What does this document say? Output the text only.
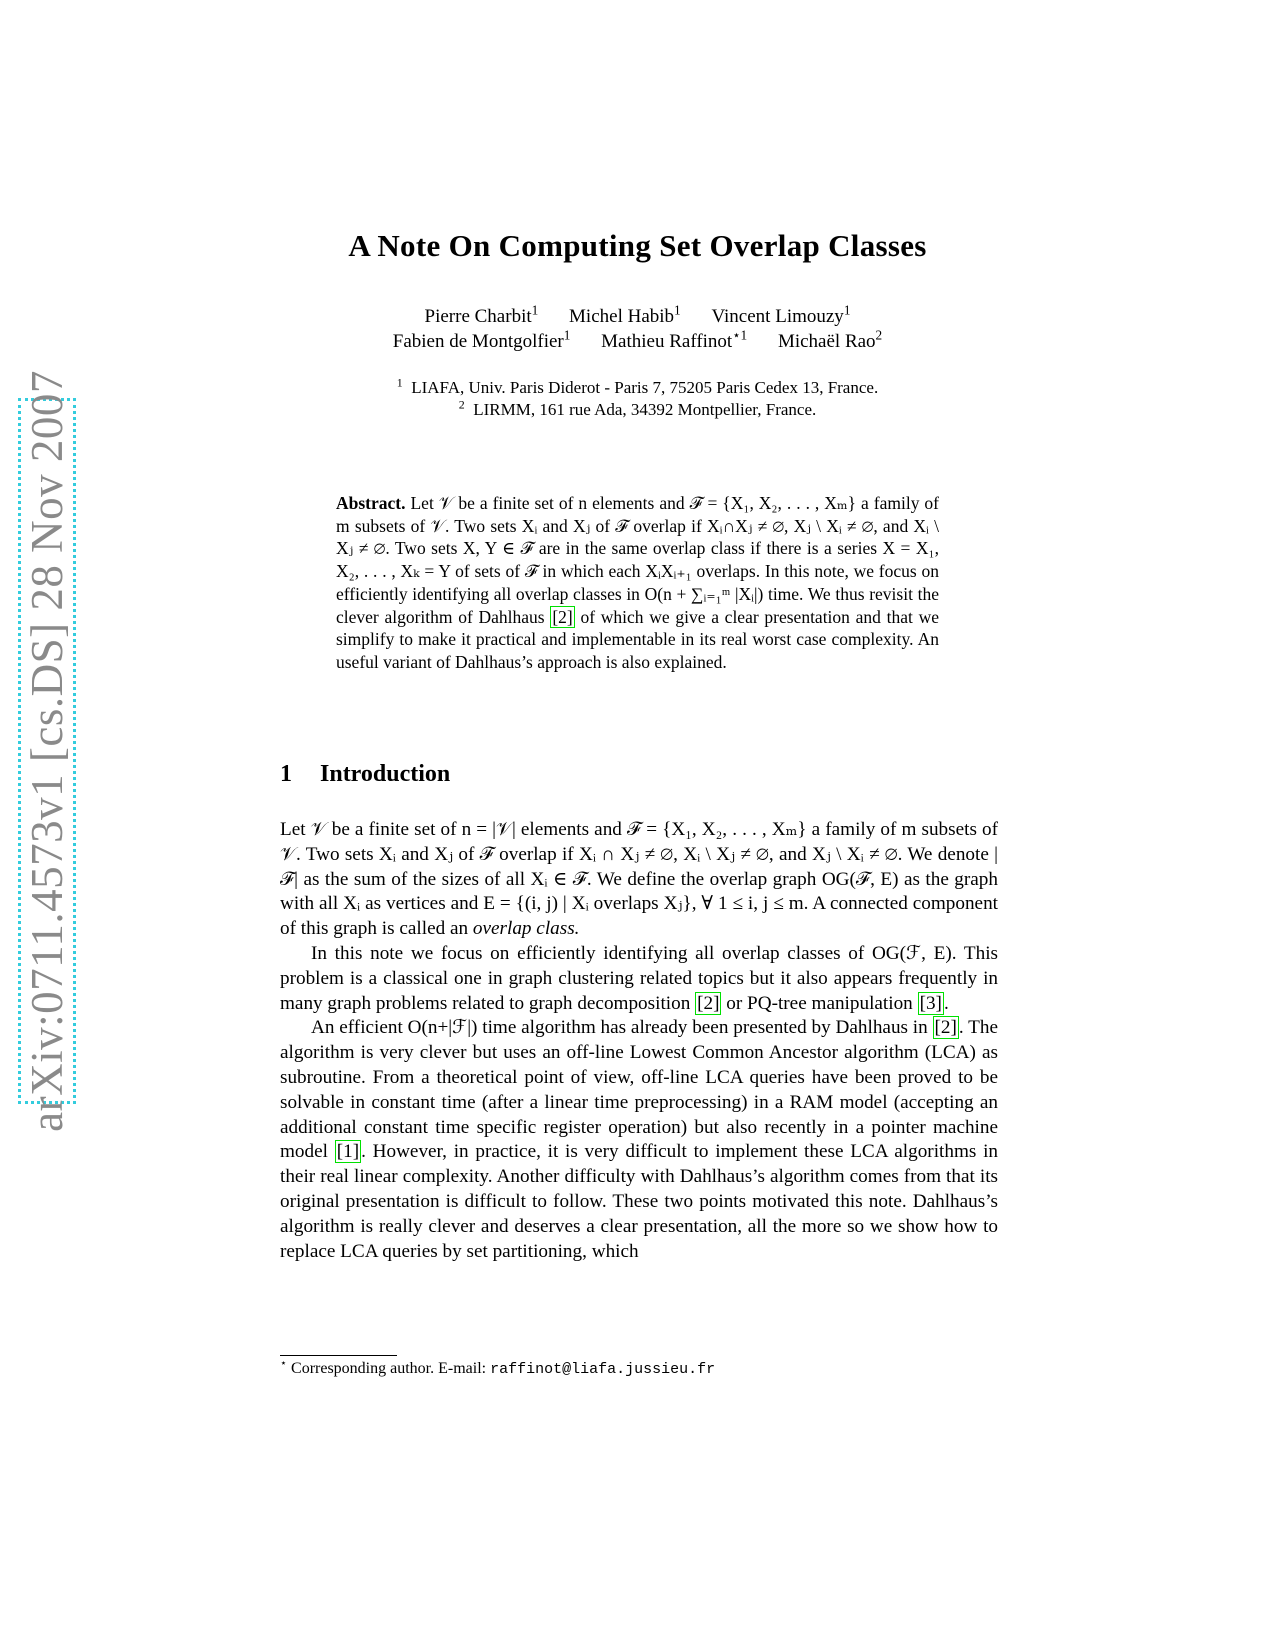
arXiv:0711.4573v1 [cs.DS] 28 Nov 2007
A Note On Computing Set Overlap Classes
Pierre Charbit$^1$ Michel Habib$^1$ Vincent Limouzy$^1$
Fabien de Montgolfier$^1$ Mathieu Raffinot$^{⋆1}$ Michaël Rao$^2$
$^1$ LIAFA, Univ. Paris Diderot - Paris 7, 75205 Paris Cedex 13, France.
$^2$ LIRMM, 161 rue Ada, 34392 Montpellier, France.

Abstract. Let 𝒱 be a finite set of n elements and ℱ = {X₁, X₂, . . . , Xₘ} a family of m subsets of 𝒱. Two sets Xᵢ and Xⱼ of ℱ overlap if Xᵢ∩Xⱼ ≠ ∅, Xⱼ \ Xᵢ ≠ ∅, and Xᵢ \ Xⱼ ≠ ∅. Two sets X, Y ∈ ℱ are in the same overlap class if there is a series X = X₁, X₂, . . . , Xₖ = Y of sets of ℱ in which each XᵢXᵢ₊₁ overlaps. In this note, we focus on efficiently identifying all overlap classes in O(n + ∑ᵢ₌₁ᵐ |Xᵢ|) time. We thus revisit the clever algorithm of Dahlhaus [2] of which we give a clear presentation and that we simplify to make it practical and implementable in its real worst case complexity. An useful variant of Dahlhaus’s approach is also explained.

1 Introduction

Let 𝒱 be a finite set of n = |𝒱| elements and ℱ = {X₁, X₂, . . . , Xₘ} a family of m subsets of 𝒱. Two sets Xᵢ and Xⱼ of ℱ overlap if Xᵢ ∩ Xⱼ ≠ ∅, Xᵢ \ Xⱼ ≠ ∅, and Xⱼ \ Xᵢ ≠ ∅. We denote |ℱ| as the sum of the sizes of all Xᵢ ∈ ℱ. We define the overlap graph OG(ℱ, E) as the graph with all Xᵢ as vertices and E = {(i, j) | Xᵢ overlaps Xⱼ}, ∀ 1 ≤ i, j ≤ m. A connected component of this graph is called an overlap class.

In this note we focus on efficiently identifying all overlap classes of OG(ℱ, E). This problem is a classical one in graph clustering related topics but it also appears frequently in many graph problems related to graph decomposition [2] or PQ-tree manipulation [3] .

An efficient O(n+|ℱ|) time algorithm has already been presented by Dahlhaus in [2] . The algorithm is very clever but uses an off-line Lowest Common Ancestor algorithm (LCA) as subroutine. From a theoretical point of view, off-line LCA queries have been proved to be solvable in constant time (after a linear time preprocessing) in a RAM model (accepting an additional constant time specific register operation) but also recently in a pointer machine model [1] . However, in practice, it is very difficult to implement these LCA algorithms in their real linear complexity. Another difficulty with Dahlhaus’s algorithm comes from that its original presentation is difficult to follow. These two points motivated this note. Dahlhaus’s algorithm is really clever and deserves a clear presentation, all the more so we show how to replace LCA queries by set partitioning, which

⋆ Corresponding author. E-mail: raffinot@liafa.jussieu.fr
